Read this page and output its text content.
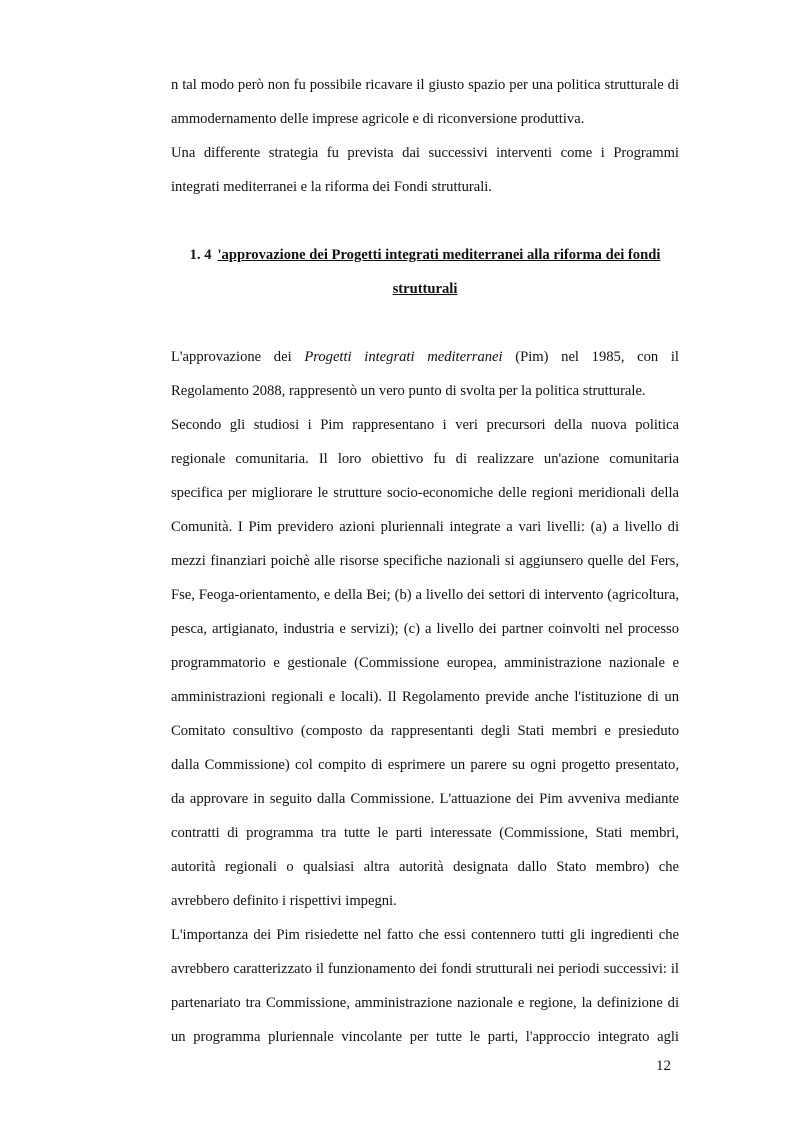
n tal modo però non fu possibile ricavare il giusto spazio per una politica strutturale di
ammodernamento delle imprese agricole e di riconversione produttiva.
Una differente strategia fu prevista dai successivi interventi come i Programmi
integrati mediterranei e la riforma dei Fondi strutturali.
1. 4 'approvazione dei Progetti integrati mediterranei alla riforma dei fondi
strutturali
L'approvazione dei Progetti integrati mediterranei (Pim) nel 1985, con il
Regolamento 2088, rappresentò un vero punto di svolta per la politica strutturale.
Secondo gli studiosi i Pim rappresentano i veri precursori della nuova politica
regionale comunitaria. Il loro obiettivo fu di realizzare un'azione comunitaria
specifica per migliorare le strutture socio-economiche delle regioni meridionali della
Comunità. I Pim previdero azioni pluriennali integrate a vari livelli: (a) a livello di
mezzi finanziari poichè alle risorse specifiche nazionali si aggiunsero quelle del Fers,
Fse, Feoga-orientamento, e della Bei; (b) a livello dei settori di intervento (agricoltura,
pesca, artigianato, industria e servizi); (c) a livello dei partner coinvolti nel processo
programmatorio e gestionale (Commissione europea, amministrazione nazionale e
amministrazioni regionali e locali). Il Regolamento previde anche l'istituzione di un
Comitato consultivo (composto da rappresentanti degli Stati membri e presieduto
dalla Commissione) col compito di esprimere un parere su ogni progetto presentato,
da approvare in seguito dalla Commissione. L'attuazione dei Pim avveniva mediante
contratti di programma tra tutte le parti interessate (Commissione, Stati membri,
autorità regionali o qualsiasi altra autorità designata dallo Stato membro) che
avrebbero definito i rispettivi impegni.
L'importanza dei Pim risiedette nel fatto che essi contennero tutti gli ingredienti che
avrebbero caratterizzato il funzionamento dei fondi strutturali nei periodi successivi: il
partenariato tra Commissione, amministrazione nazionale e regione, la definizione di
un programma pluriennale vincolante per tutte le parti, l'approccio integrato agli
12
